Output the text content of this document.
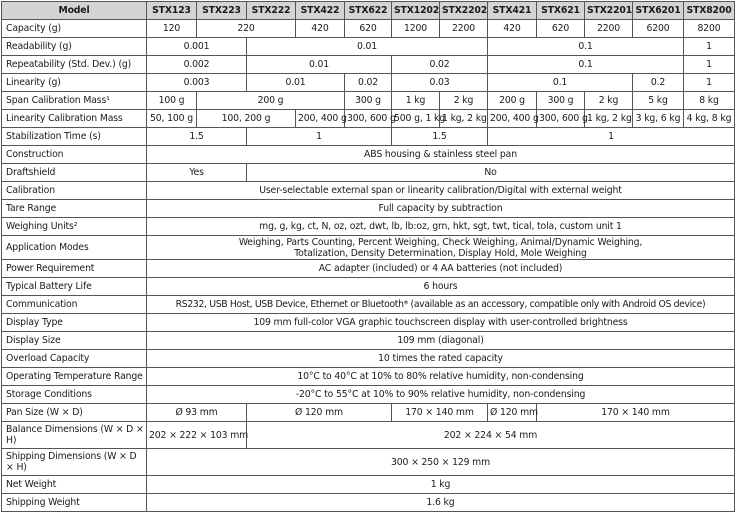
Model	STX123	STX223	STX222	STX422	STX622	STX1202	STX2202	STX421	STX621	STX2201	STX6201	STX8200
Capacity (g)	120	220		420	620	1200	2200	420	620	2200	6200	8200
Readability (g)	0.001		0.01					0.1				1
Repeatability (Std. Dev.) (g)	0.002		0.01			0.02		0.1				1
Linearity (g)	0.003		0.01		0.02	0.03		0.1			0.2	1
Span Calibration Mass¹	100 g	200 g			300 g	1 kg	2 kg	200 g	300 g	2 kg	5 kg	8 kg
Linearity Calibration Mass	50, 100 g	100, 200 g		200, 400 g	300, 600 g	500 g, 1 kg	1 kg, 2 kg	200, 400 g	300, 600 g	1 kg, 2 kg	3 kg, 6 kg	4 kg, 8 kg
Stabilization Time (s)	1.5		1			1.5		1				
Construction	ABS housing & stainless steel pan											
Draftshield	Yes		No									
Calibration	User-selectable external span or linearity calibration/Digital with external weight											
Tare Range	Full capacity by subtraction											
Weighing Units²	mg, g, kg, ct, N, oz, ozt, dwt, lb, lb:oz, grn, hkt, sgt, twt, tical, tola, custom unit 1											
Application Modes	Weighing, Parts Counting, Percent Weighing, Check Weighing, Animal/Dynamic Weighing, Totalization, Density Determination, Display Hold, Mole Weighing											
Power Requirement	AC adapter (included) or 4 AA batteries (not included)											
Typical Battery Life	6 hours											
Communication	RS232, USB Host, USB Device, Ethernet or Bluetooth* (available as an accessory, compatible only with Android OS device)											
Display Type	109 mm full-color VGA graphic touchscreen display with user-controlled brightness											
Display Size	109 mm (diagonal)											
Overload Capacity	10 times the rated capacity											
Operating Temperature Range	10°C to 40°C at 10% to 80% relative humidity, non-condensing											
Storage Conditions	-20°C to 55°C at 10% to 90% relative humidity, non-condensing											
Pan Size (W × D)	Ø 93 mm		Ø 120 mm			170 × 140 mm		Ø 120 mm	170 × 140 mm			
Balance Dimensions (W × D × H)	202 × 222 × 103 mm		202 × 224 × 54 mm									
Shipping Dimensions (W × D × H)	300 × 250 × 129 mm											
Net Weight	1 kg											
Shipping Weight	1.6 kg											
